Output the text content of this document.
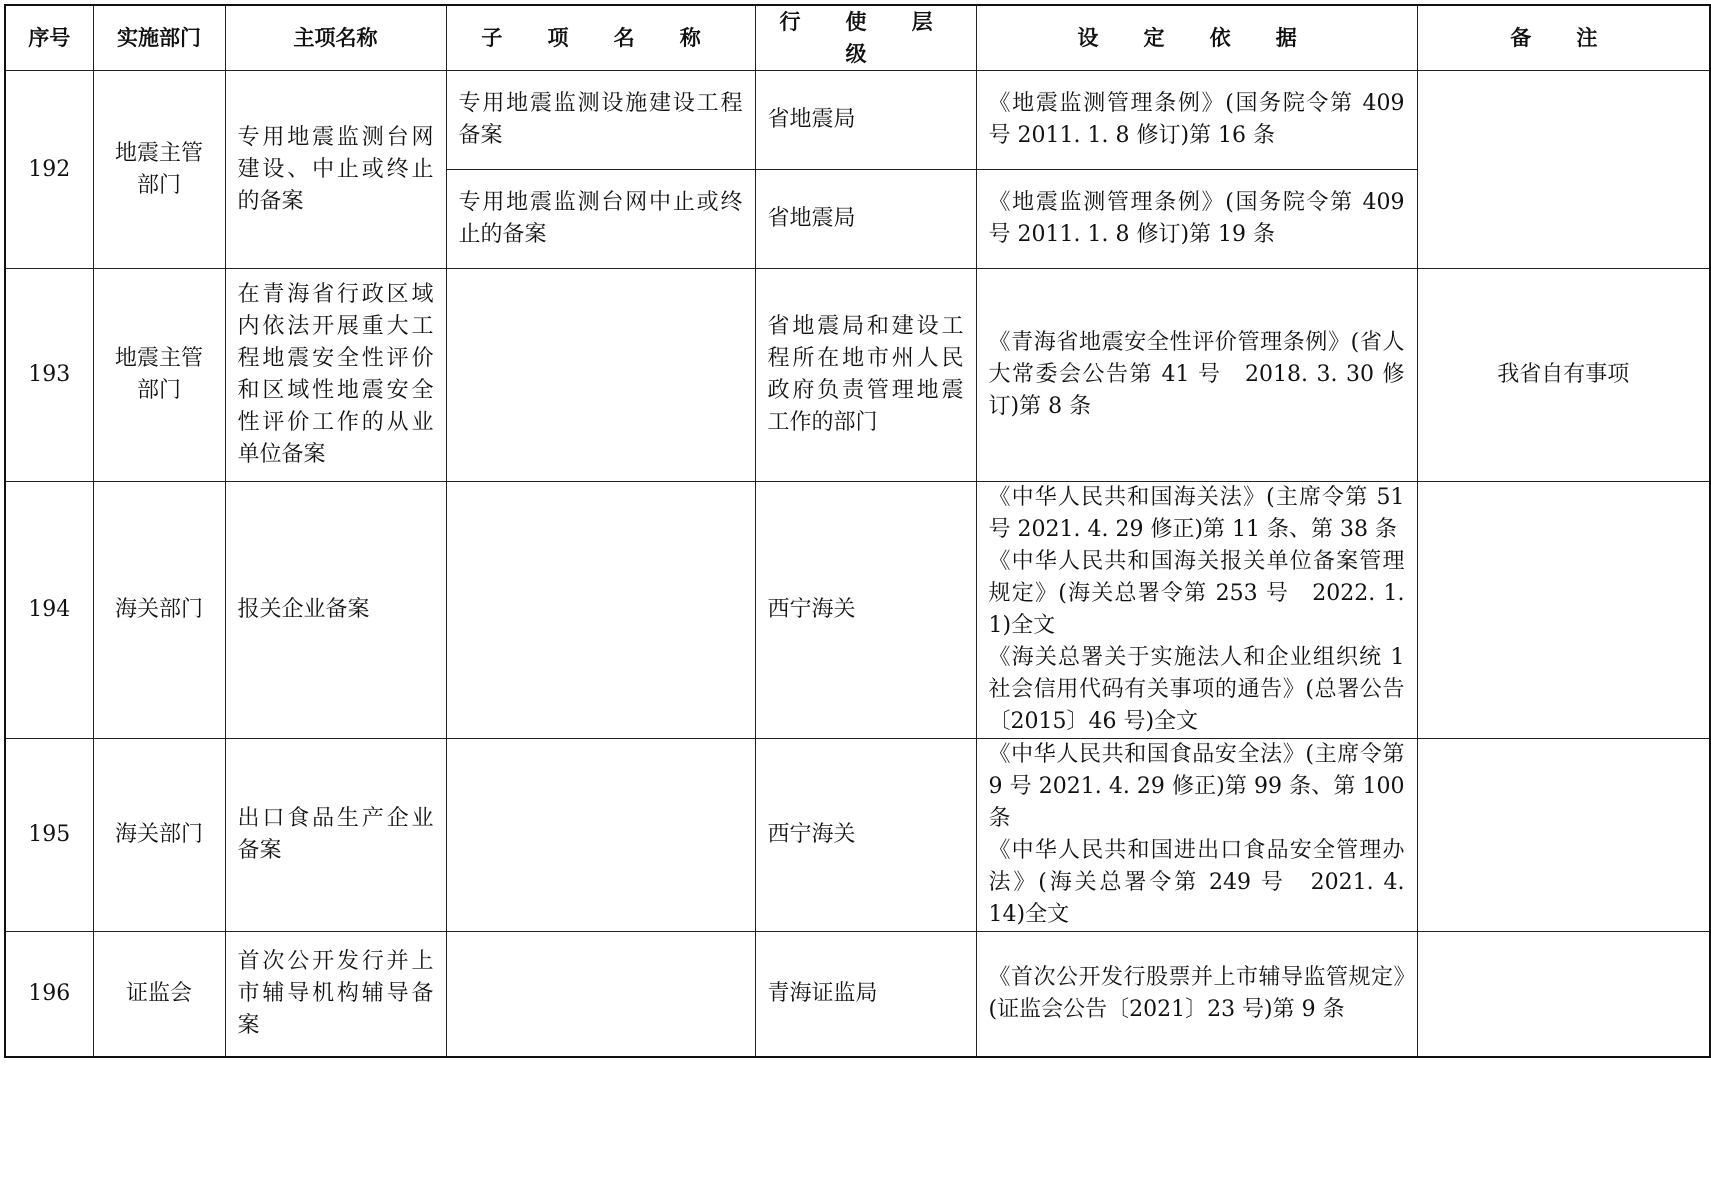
序号	实施部门	主项名称	子 项 名 称	行 使 层 级	设 定 依 据	备 注
192	地震主管部门	专用地震监测台网建设、中止或终止的备案	专用地震监测设施建设工程备案	省地震局	《地震监测管理条例》(国务院令第 409 号 2011. 1. 8 修订)第 16 条	

			专用地震监测台网中止或终止的备案	省地震局	《地震监测管理条例》(国务院令第 409 号 2011. 1. 8 修订)第 19 条	

193	地震主管部门	在青海省行政区域内依法开展重大工程地震安全性评价和区域性地震安全性评价工作的从业单位备案		省地震局和建设工程所在地市州人民政府负责管理地震工作的部门	《青海省地震安全性评价管理条例》(省人大常委会公告第 41 号　2018. 3. 30 修订)第 8 条	我省自有事项
194	海关部门	报关企业备案		西宁海关	《中华人民共和国海关法》(主席令第 51 号 2021. 4. 29 修正)第 11 条、第 38 条
《中华人民共和国海关报关单位备案管理规定》(海关总署令第 253 号　2022. 1. 1)全文
《海关总署关于实施法人和企业组织统 1 社会信用代码有关事项的通告》(总署公告〔2015〕46 号)全文	

195	海关部门	出口食品生产企业备案		西宁海关	《中华人民共和国食品安全法》(主席令第 9 号 2021. 4. 29 修正)第 99 条、第 100 条
《中华人民共和国进出口食品安全管理办法》(海关总署令第 249 号　2021. 4. 14)全文	

196	证监会	首次公开发行并上市辅导机构辅导备案		青海证监局	《首次公开发行股票并上市辅导监管规定》(证监会公告〔2021〕23 号)第 9 条	
